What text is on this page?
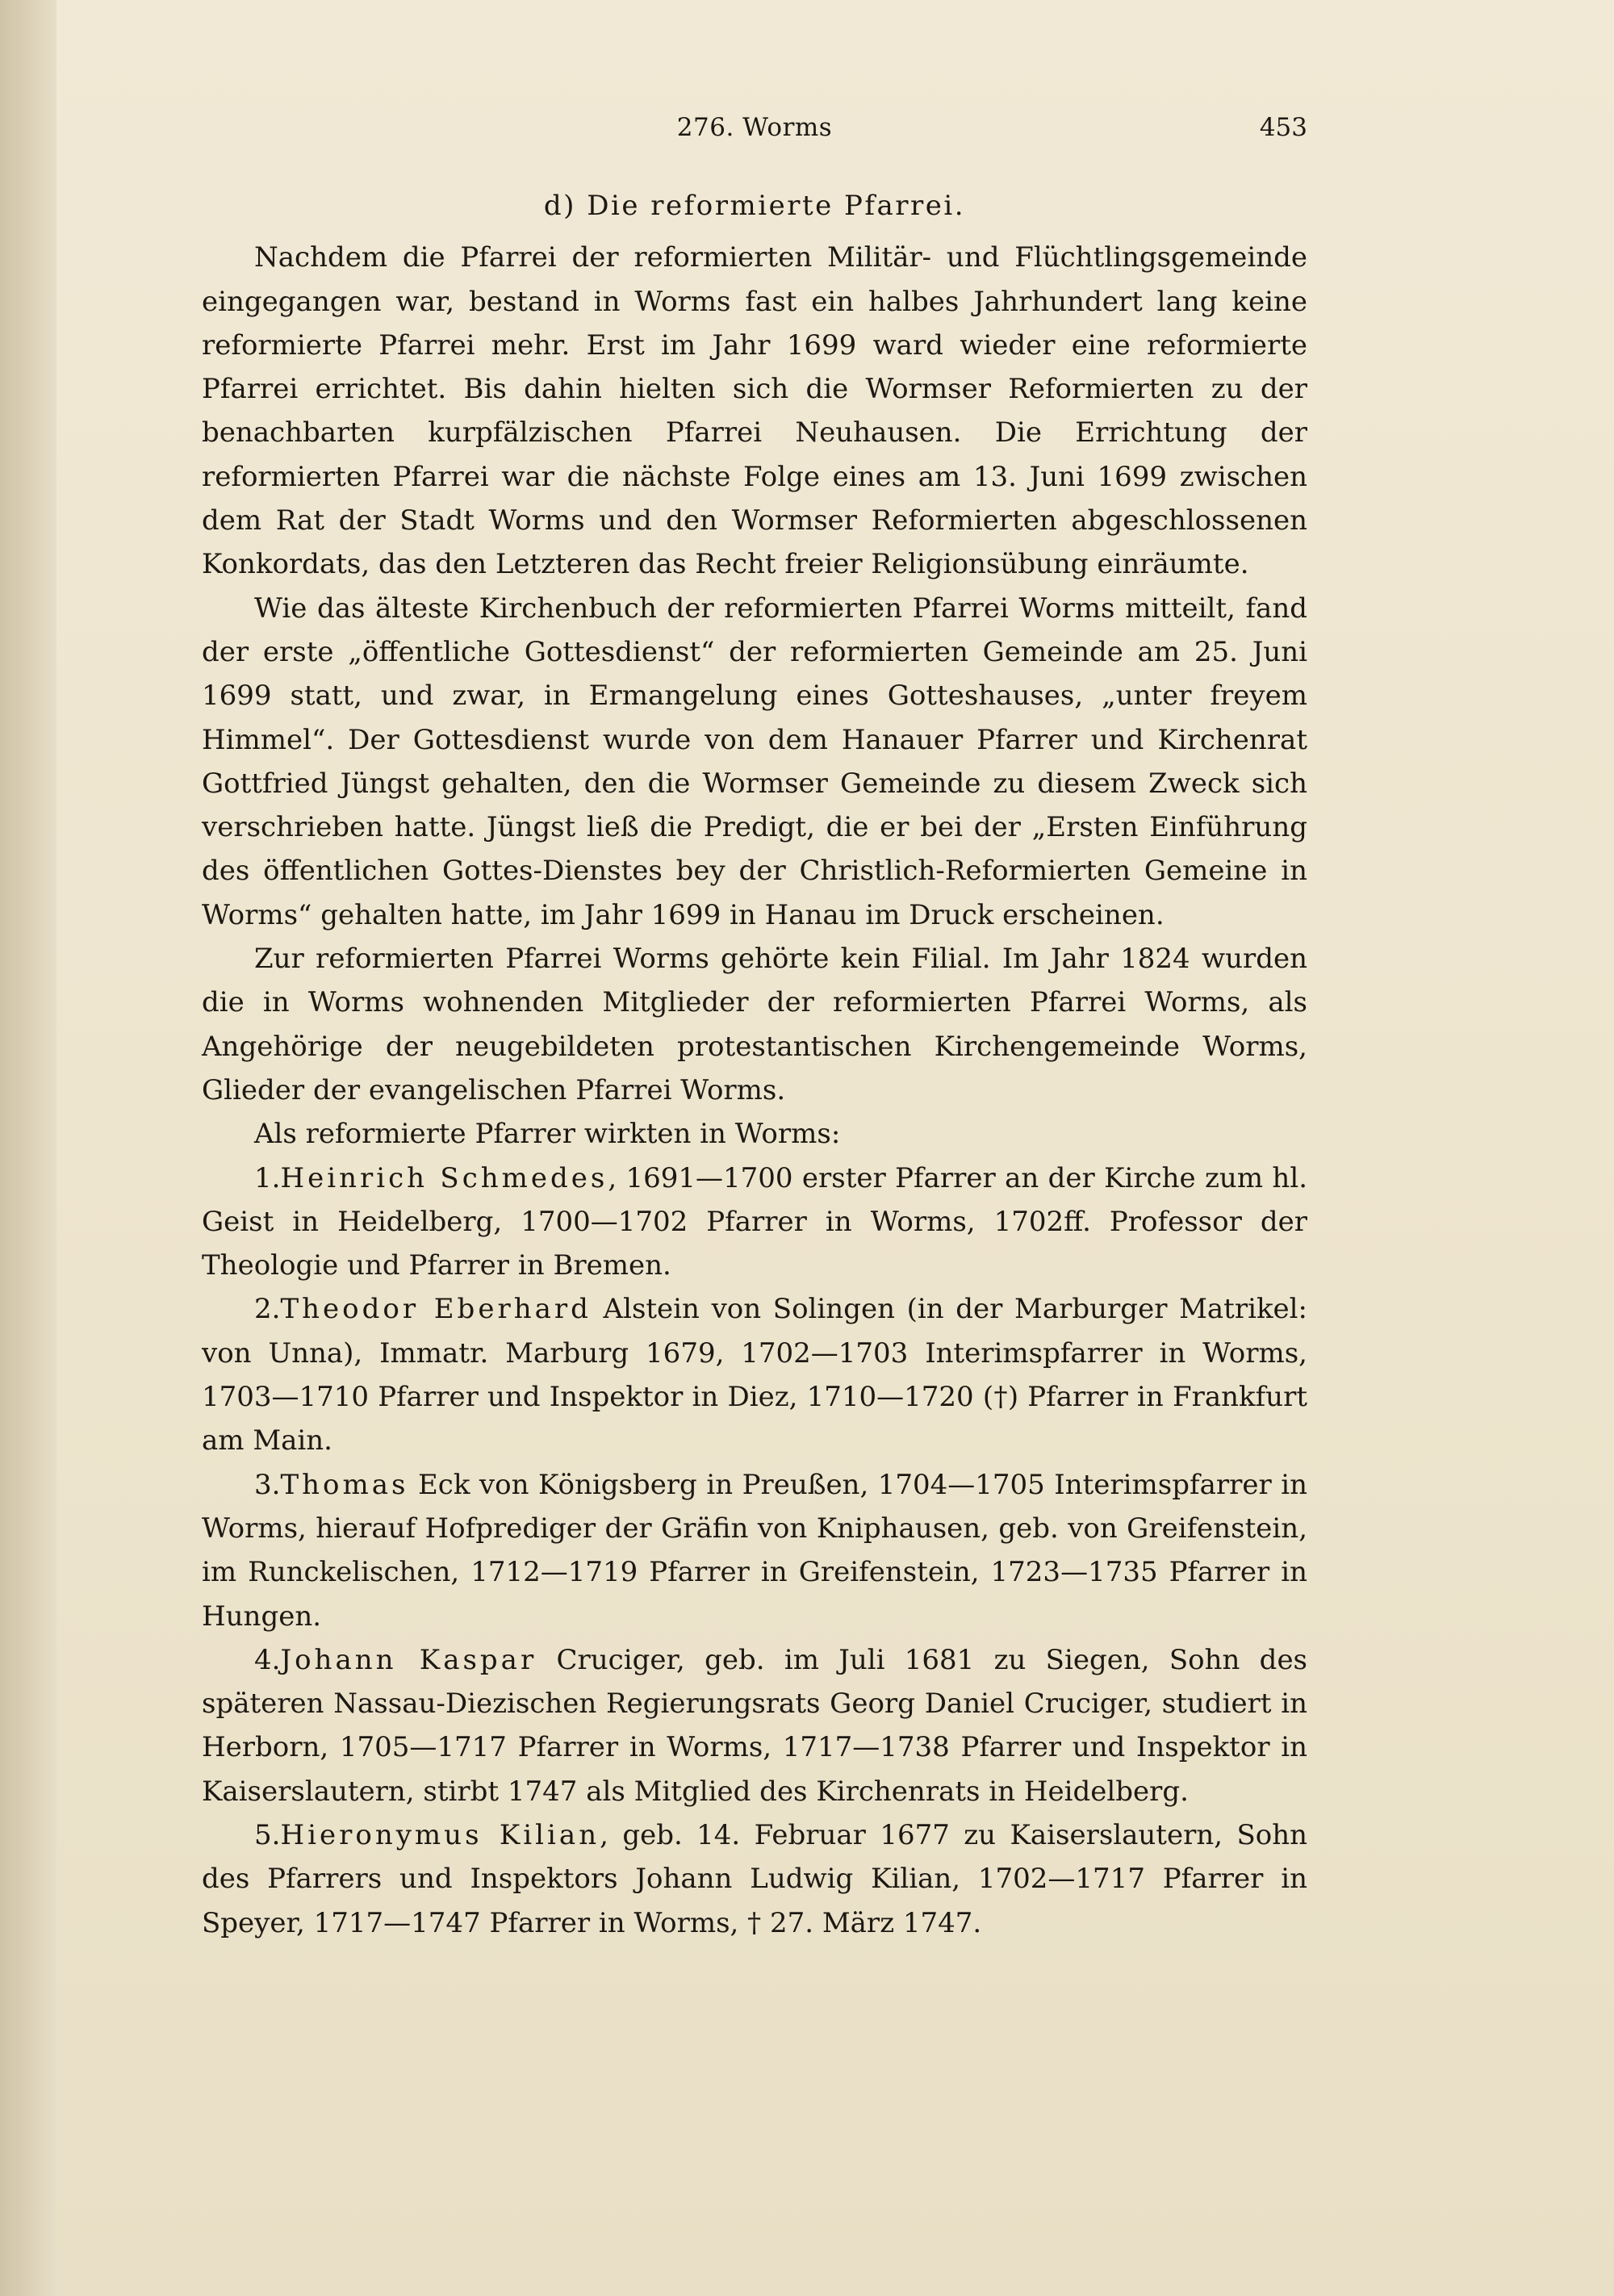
276. Worms	453
d) Die reformierte Pfarrei.

Nachdem die Pfarrei der reformierten Militär- und Flüchtlingsgemeinde eingegangen war, bestand in Worms fast ein halbes Jahrhundert lang keine reformierte Pfarrei mehr. Erst im Jahr 1699 ward wieder eine reformierte Pfarrei errichtet. Bis dahin hielten sich die Wormser Reformierten zu der benachbarten kurpfälzischen Pfarrei Neuhausen. Die Errichtung der reformierten Pfarrei war die nächste Folge eines am 13. Juni 1699 zwischen dem Rat der Stadt Worms und den Wormser Reformierten abgeschlossenen Konkordats, das den Letzteren das Recht freier Religionsübung einräumte.

Wie das älteste Kirchenbuch der reformierten Pfarrei Worms mitteilt, fand der erste „öffentliche Gottesdienst“ der reformierten Gemeinde am 25. Juni 1699 statt, und zwar, in Ermangelung eines Gotteshauses, „unter freyem Himmel“. Der Gottesdienst wurde von dem Hanauer Pfarrer und Kirchenrat Gottfried Jüngst gehalten, den die Wormser Gemeinde zu diesem Zweck sich verschrieben hatte. Jüngst ließ die Predigt, die er bei der „Ersten Einführung des öffentlichen Gottes-Dienstes bey der Christlich-Reformierten Gemeine in Worms“ gehalten hatte, im Jahr 1699 in Hanau im Druck erscheinen.

Zur reformierten Pfarrei Worms gehörte kein Filial. Im Jahr 1824 wurden die in Worms wohnenden Mitglieder der reformierten Pfarrei Worms, als Angehörige der neugebildeten protestantischen Kirchengemeinde Worms, Glieder der evangelischen Pfarrei Worms.

Als reformierte Pfarrer wirkten in Worms:

1.Heinrich Schmedes, 1691—1700 erster Pfarrer an der Kirche zum hl. Geist in Heidelberg, 1700—1702 Pfarrer in Worms, 1702ff. Professor der Theologie und Pfarrer in Bremen.

2.Theodor Eberhard Alstein von Solingen (in der Marburger Matrikel: von Unna), Immatr. Marburg 1679, 1702—1703 Interimspfarrer in Worms, 1703—1710 Pfarrer und Inspektor in Diez, 1710—1720 (†) Pfarrer in Frankfurt am Main.

3.Thomas Eck von Königsberg in Preußen, 1704—1705 Interimspfarrer in Worms, hierauf Hofprediger der Gräfin von Kniphausen, geb. von Greifenstein, im Runckelischen, 1712—1719 Pfarrer in Greifenstein, 1723—1735 Pfarrer in Hungen.

4.Johann Kaspar Cruciger, geb. im Juli 1681 zu Siegen, Sohn des späteren Nassau-Diezischen Regierungsrats Georg Daniel Cruciger, studiert in Herborn, 1705—1717 Pfarrer in Worms, 1717—1738 Pfarrer und Inspektor in Kaiserslautern, stirbt 1747 als Mitglied des Kirchenrats in Heidelberg.

5.Hieronymus Kilian, geb. 14. Februar 1677 zu Kaiserslautern, Sohn des Pfarrers und Inspektors Johann Ludwig Kilian, 1702—1717 Pfarrer in Speyer, 1717—1747 Pfarrer in Worms, † 27. März 1747.
